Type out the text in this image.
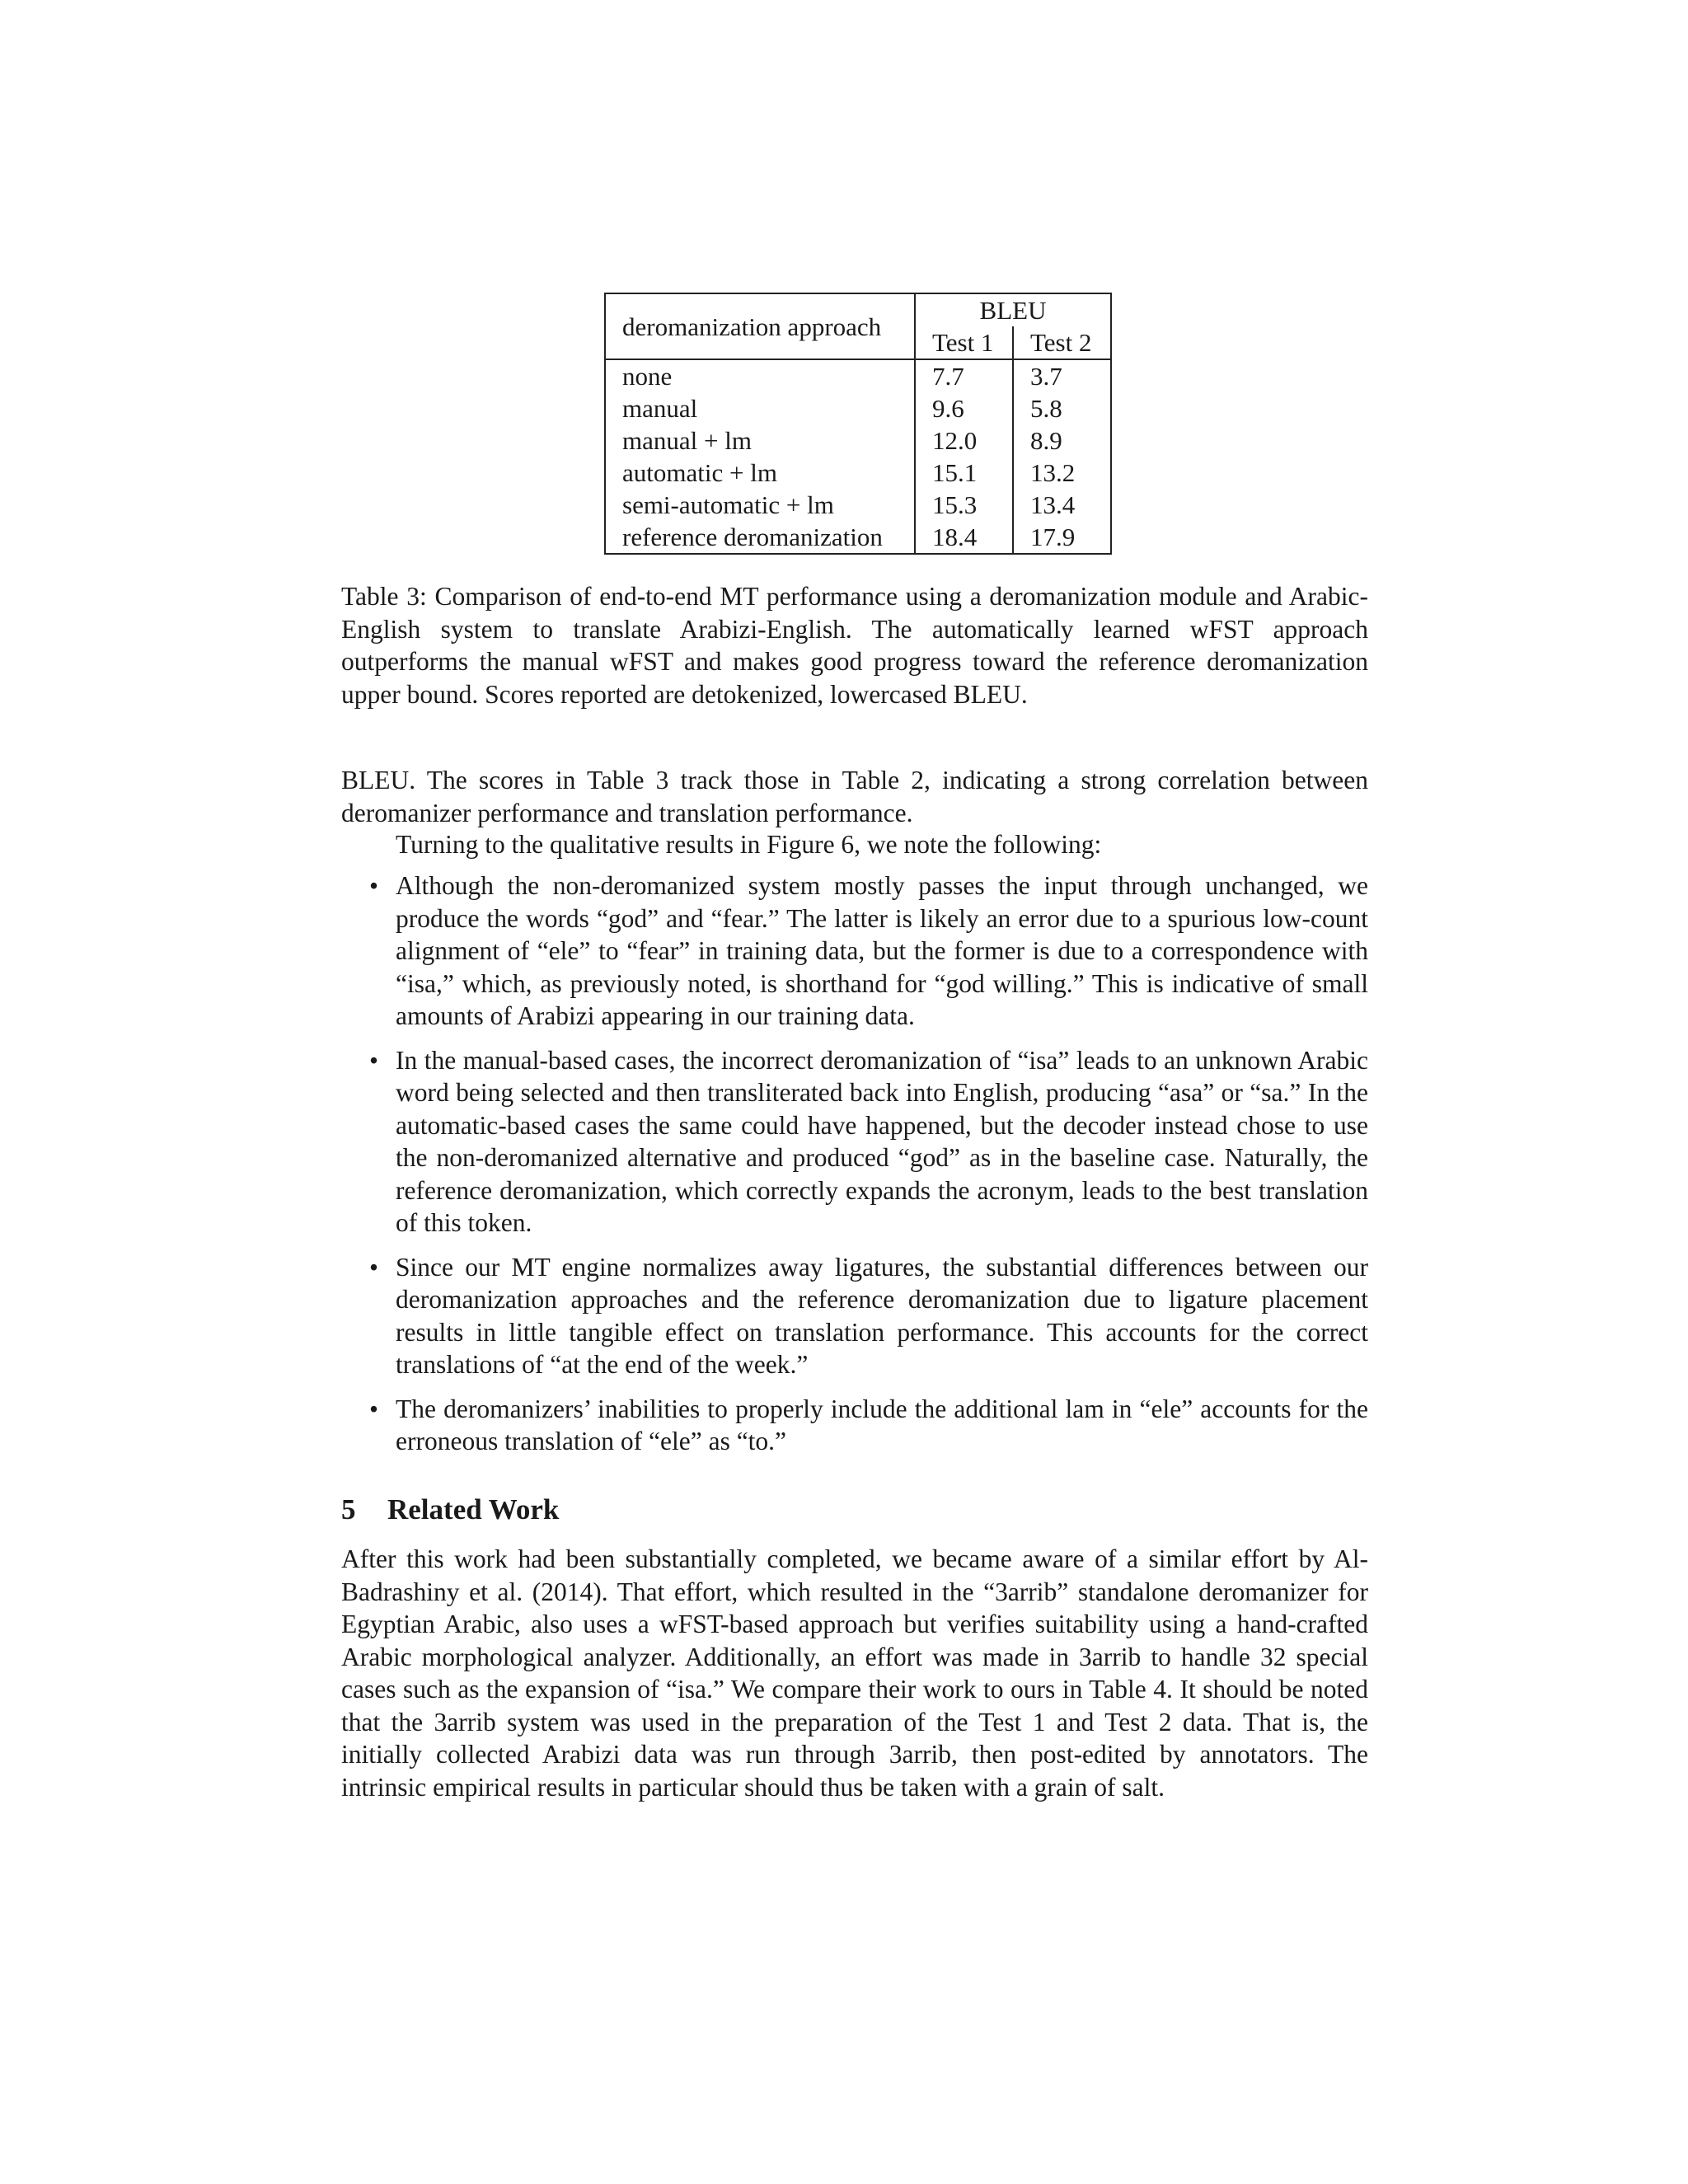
deromanization approach	BLEU	
	Test 1	Test 2
none	7.7	3.7
manual	9.6	5.8
manual + lm	12.0	8.9
automatic + lm	15.1	13.2
semi-automatic + lm	15.3	13.4
reference deromanization	18.4	17.9

Table 3: Comparison of end-to-end MT performance using a deromanization module and Arabic-English system to translate Arabizi-English. The automatically learned wFST approach outperforms the manual wFST and makes good progress toward the reference deromanization upper bound. Scores reported are detokenized, lowercased BLEU.

BLEU. The scores in Table 3 track those in Table 2, indicating a strong correlation between deromanizer performance and translation performance.

Turning to the qualitative results in Figure 6, we note the following:

• Although the non-deromanized system mostly passes the input through unchanged, we produce the words “god” and “fear.” The latter is likely an error due to a spurious low-count alignment of “ele” to “fear” in training data, but the former is due to a correspondence with “isa,” which, as previously noted, is shorthand for “god willing.” This is indicative of small amounts of Arabizi appearing in our training data.
• In the manual-based cases, the incorrect deromanization of “isa” leads to an unknown Arabic word being selected and then transliterated back into English, producing “asa” or “sa.” In the automatic-based cases the same could have happened, but the decoder instead chose to use the non-deromanized alternative and produced “god” as in the baseline case. Naturally, the reference deromanization, which correctly expands the acronym, leads to the best translation of this token.
• Since our MT engine normalizes away ligatures, the substantial differences between our deromanization approaches and the reference deromanization due to ligature placement results in little tangible effect on translation performance. This accounts for the correct translations of “at the end of the week.”
• The deromanizers’ inabilities to properly include the additional lam in “ele” accounts for the erroneous translation of “ele” as “to.”
5 Related Work

After this work had been substantially completed, we became aware of a similar effort by Al-Badrashiny et al. (2014). That effort, which resulted in the “3arrib” standalone deromanizer for Egyptian Arabic, also uses a wFST-based approach but verifies suitability using a hand-crafted Arabic morphological analyzer. Additionally, an effort was made in 3arrib to handle 32 special cases such as the expansion of “isa.” We compare their work to ours in Table 4. It should be noted that the 3arrib system was used in the preparation of the Test 1 and Test 2 data. That is, the initially collected Arabizi data was run through 3arrib, then post-edited by annotators. The intrinsic empirical results in particular should thus be taken with a grain of salt.
